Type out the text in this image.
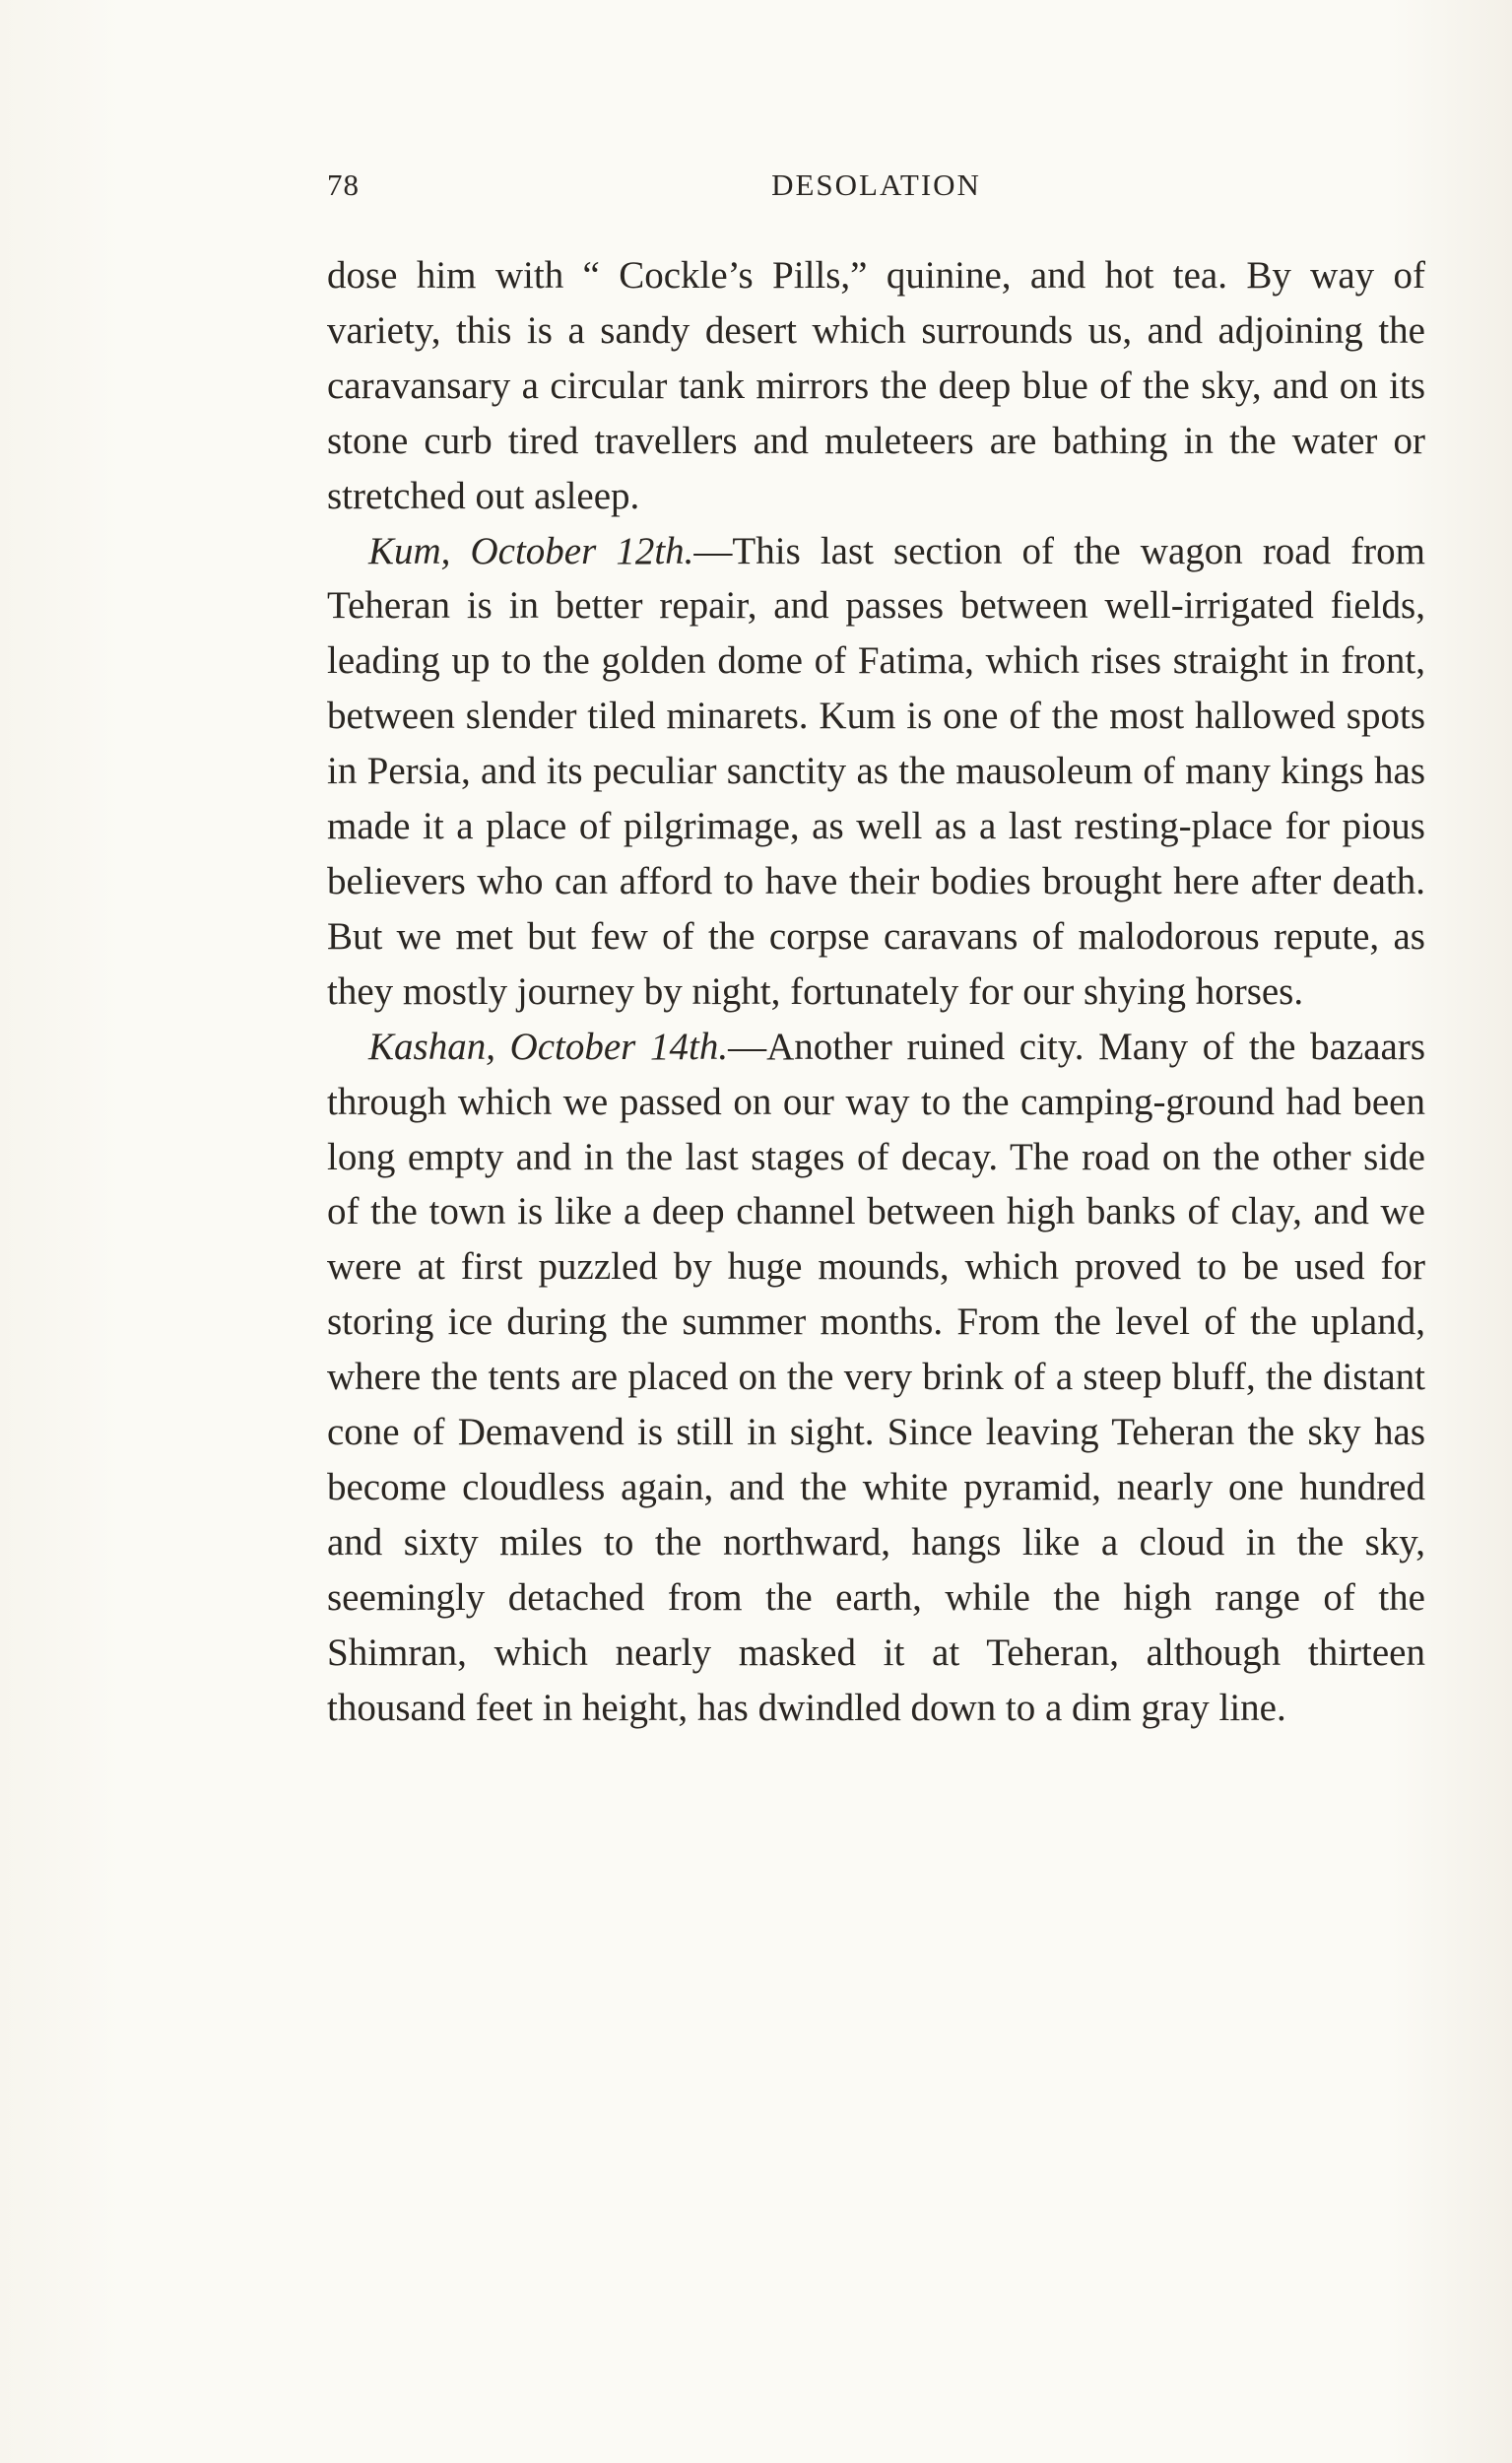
78	DESOLATION

dose him with “ Cockle’s Pills,” quinine, and hot tea. By way of variety, this is a sandy desert which surrounds us, and adjoining the caravansary a circular tank mirrors the deep blue of the sky, and on its stone curb tired travellers and muleteers are bathing in the water or stretched out asleep.

Kum, October 12th.—This last section of the wagon road from Teheran is in better repair, and passes between well-irrigated fields, leading up to the golden dome of Fatima, which rises straight in front, between slender tiled minarets. Kum is one of the most hallowed spots in Persia, and its peculiar sanctity as the mausoleum of many kings has made it a place of pilgrimage, as well as a last resting-place for pious believers who can afford to have their bodies brought here after death. But we met but few of the corpse caravans of malodorous repute, as they mostly journey by night, fortunately for our shying horses.

Kashan, October 14th.—Another ruined city. Many of the bazaars through which we passed on our way to the camping-ground had been long empty and in the last stages of decay. The road on the other side of the town is like a deep channel between high banks of clay, and we were at first puzzled by huge mounds, which proved to be used for storing ice during the summer months. From the level of the upland, where the tents are placed on the very brink of a steep bluff, the distant cone of Demavend is still in sight. Since leaving Teheran the sky has become cloudless again, and the white pyramid, nearly one hundred and sixty miles to the northward, hangs like a cloud in the sky, seemingly detached from the earth, while the high range of the Shimran, which nearly masked it at Teheran, although thirteen thousand feet in height, has dwindled down to a dim gray line.
